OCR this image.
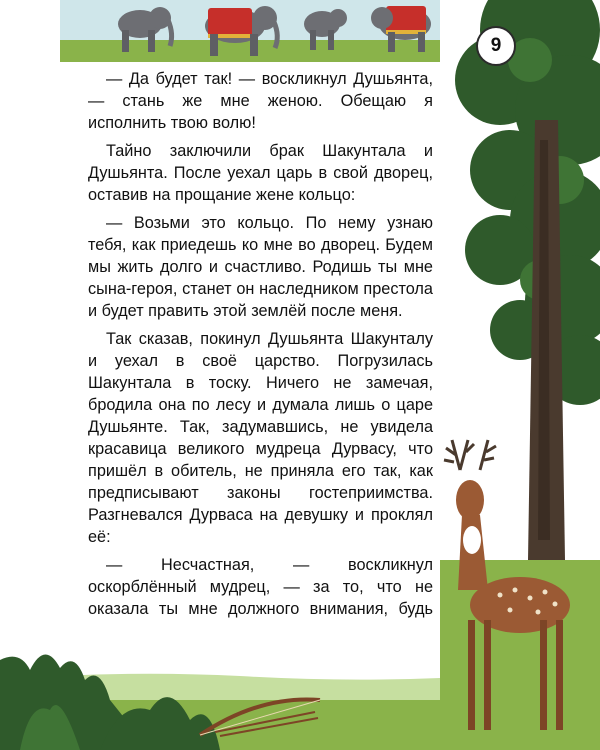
9

— Да будет так! — воскликнул Душьянта, — стань же мне женою. Обещаю я исполнить твою волю!

Тайно заключили брак Шакунтала и Душьянта. После уехал царь в свой дворец, оставив на прощание жене кольцо:

— Возьми это кольцо. По нему узнаю тебя, как приедешь ко мне во дворец. Будем мы жить долго и счастливо. Родишь ты мне сына-героя, станет он наследником престола и будет править этой землёй после меня.

Так сказав, покинул Душьянта Шакунталу и уехал в своё царство. Погрузилась Шакунтала в тоску. Ничего не замечая, бродила она по лесу и думала лишь о царе Душьянте. Так, задумавшись, не увидела красавица великого мудреца Дурвасу, что пришёл в обитель, не приняла его так, как предписывают законы гостеприимства. Разгневался Дурваса на девушку и проклял её:

— Несчастная, — воскликнул оскорблённый мудрец, — за то, что не оказала ты мне должного внимания, будь
